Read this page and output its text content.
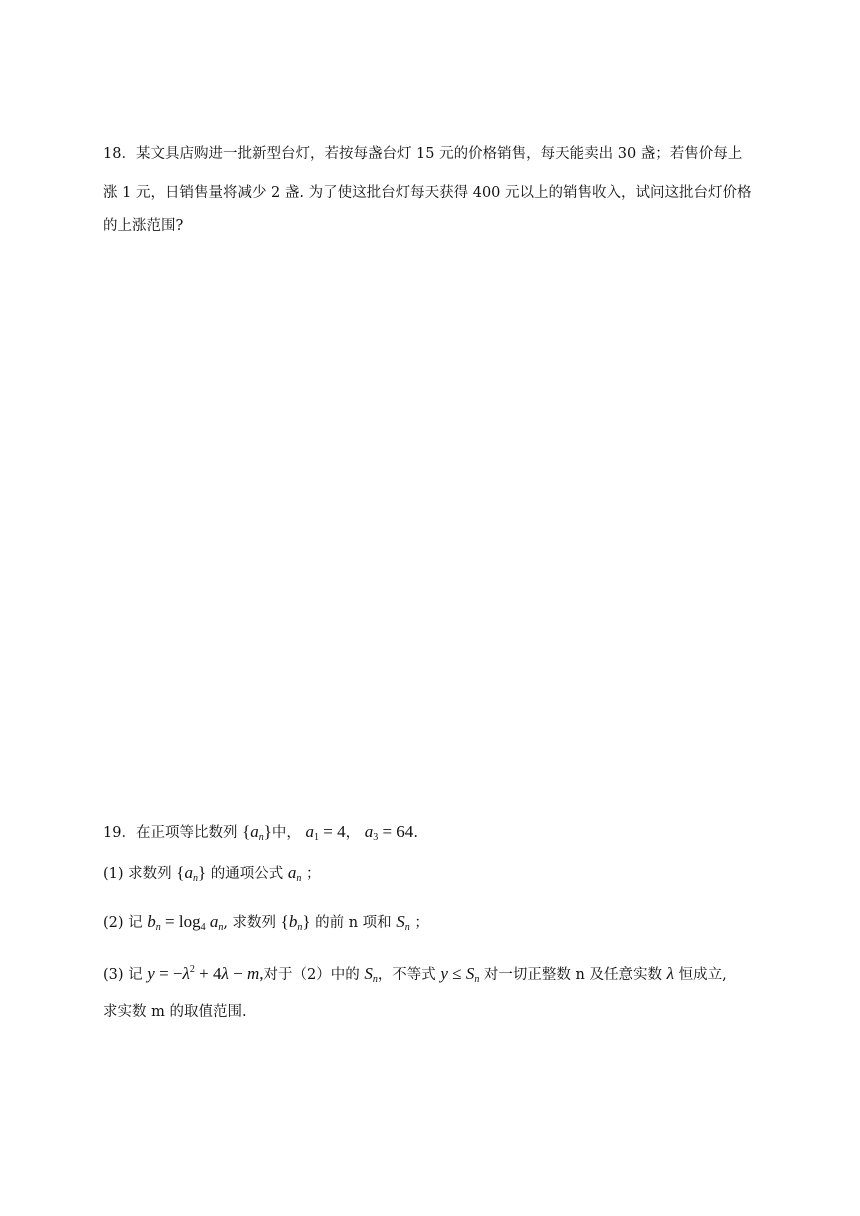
18．某文具店购进一批新型台灯，若按每盏台灯 15 元的价格销售，每天能卖出 30 盏；若售价每上
涨 1 元，日销售量将减少 2 盏. 为了使这批台灯每天获得 400 元以上的销售收入，试问这批台灯价格
的上涨范围?
19．在正项等比数列 $\{a_n\}$中， $a_1 = 4$， $a_3 = 64$.
(1) 求数列 $\{a_n\}$ 的通项公式 $a_n$ ；
(2) 记 $b_n = \log_4 a_n$, 求数列 $\{b_n\}$ 的前 n 项和 $S_n$ ；
(3) 记 $y = -\lambda^2 + 4\lambda - m$,对于（2）中的 $S_n$，不等式 $y \le S_n$ 对一切正整数 n 及任意实数 λ 恒成立,
求实数 m 的取值范围.
